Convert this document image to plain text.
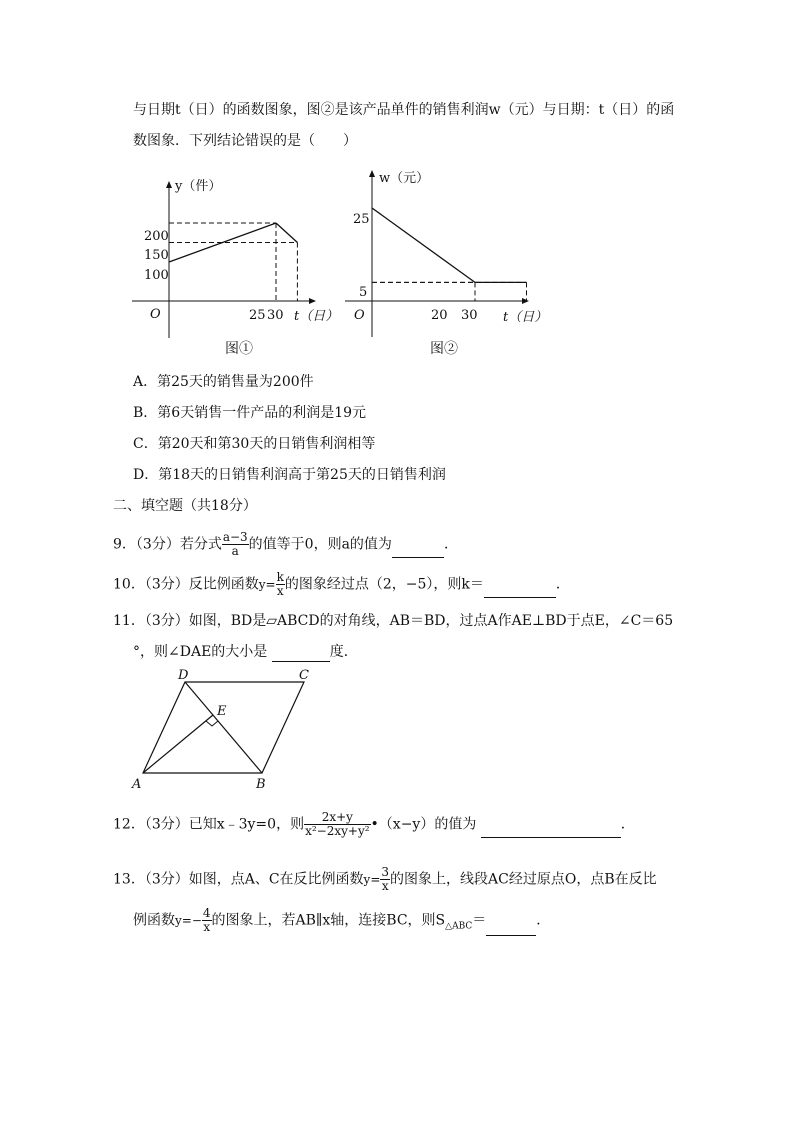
与日期t（日）的函数图象，图②是该产品单件的销售利润w（元）与日期：t（日）的函
数图象．下列结论错误的是（　　）
y（件）
t（日）
O
200
150
100
25 30
图①
w（元）
t（日）
O
25
5
20 30
图②
A．第25天的销售量为200件
B．第6天销售一件产品的利润是19元
C．第20天和第30天的日销售利润相等
D．第18天的日销售利润高于第25天的日销售利润
二、填空题（共18分）
9．（3分）若分式 $\frac{a-3}{a}$ 的值等于0，则a的值为	．
10．（3分）反比例函数$y= \frac{k}{x}$ 的图象经过点（2，−5），则k＝	．
11．（3分）如图，BD是▱ABCD的对角线，AB＝BD，过点A作AE⊥BD于点E，∠C＝65
°，则∠DAE的大小是	度．
D	C
E
A	B
12．（3分）已知x﹣3y=0，则 $\frac{2x+y}{\text{x²−2xy+y²}}$ •（x−y）的值为	．
13．（3分）如图，点A、C在反比例函数$y= \frac{3}{x}$ 的图象上，线段AC经过原点O，点B在反比
例函数$y=- \frac{4}{x}$ 的图象上，若AB∥x轴，连接BC，则$S_{\triangle ABC}=$	．
